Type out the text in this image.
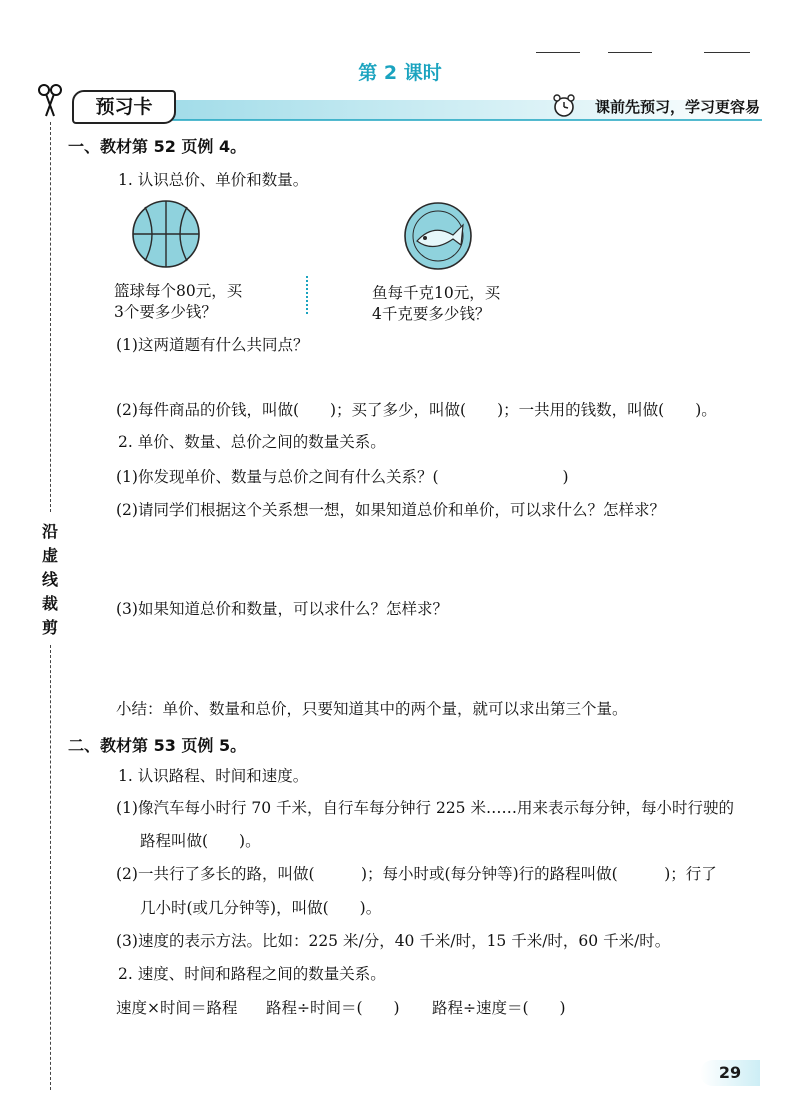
第 2 课时
沿
虚
线
裁
剪
预习卡	课前先预习，学习更容易
一、教材第 52 页例 4。
1. 认识总价、单价和数量。
篮球每个80元，买
3个要多少钱？
鱼每千克10元，买
4千克要多少钱？
(1)这两道题有什么共同点？
(2)每件商品的价钱，叫做(　　)；买了多少，叫做(　　)；一共用的钱数，叫做(　　)。
2. 单价、数量、总价之间的数量关系。
(1)你发现单价、数量与总价之间有什么关系？(　　　　　　　　)
(2)请同学们根据这个关系想一想，如果知道总价和单价，可以求什么？怎样求？
(3)如果知道总价和数量，可以求什么？怎样求？
小结：单价、数量和总价，只要知道其中的两个量，就可以求出第三个量。
二、教材第 53 页例 5。
1. 认识路程、时间和速度。
(1)像汽车每小时行 70 千米，自行车每分钟行 225 米……用来表示每分钟，每小时行驶的
路程叫做(　　)。
(2)一共行了多长的路，叫做(　　　)；每小时或(每分钟等)行的路程叫做(　　　)；行了
几小时(或几分钟等)，叫做(　　)。
(3)速度的表示方法。比如：225 米/分，40 千米/时，15 千米/时，60 千米/时。
2. 速度、时间和路程之间的数量关系。
速度×时间＝路程 路程÷时间＝(　　) 路程÷速度＝(　　)
29
